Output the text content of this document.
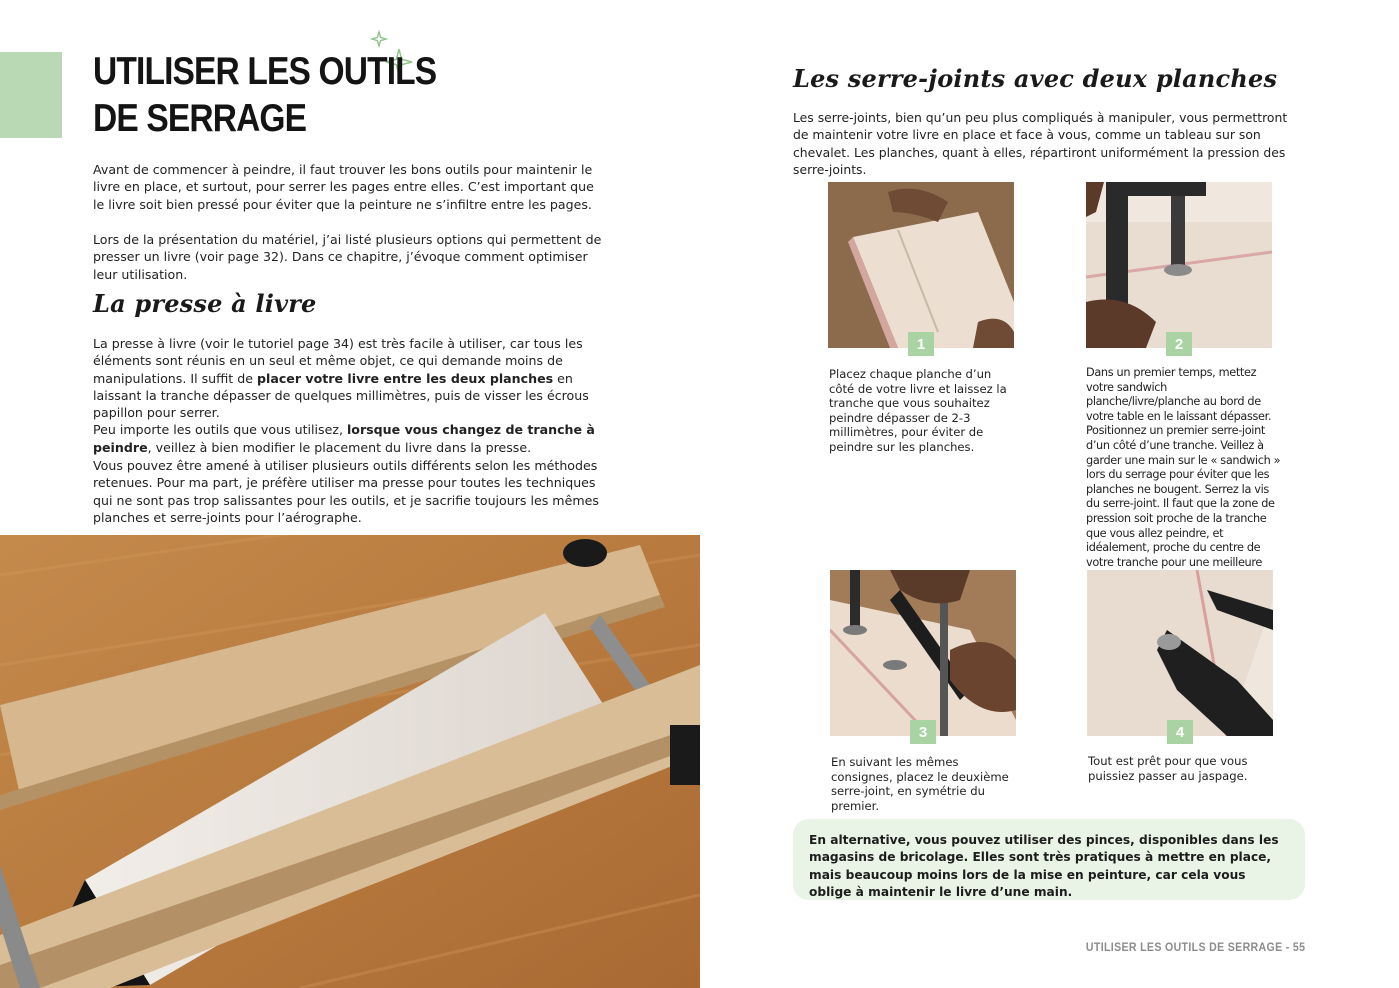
UTILISER LES OUTILS
DE SERRAGE

Avant de commencer à peindre, il faut trouver les bons outils pour maintenir le livre en place, et surtout, pour serrer les pages entre elles. C’est important que le livre soit bien pressé pour éviter que la peinture ne s’infiltre entre les pages.

Lors de la présentation du matériel, j’ai listé plusieurs options qui permettent de presser un livre (voir page 32). Dans ce chapitre, j’évoque comment optimiser leur utilisation.

La presse à livre

La presse à livre (voir le tutoriel page 34) est très facile à utiliser, car tous les éléments sont réunis en un seul et même objet, ce qui demande moins de manipulations. Il suffit de placer votre livre entre les deux planches en laissant la tranche dépasser de quelques millimètres, puis de visser les écrous papillon pour serrer.
Peu importe les outils que vous utilisez, lorsque vous changez de tranche à peindre, veillez à bien modifier le placement du livre dans la presse.

Vous pouvez être amené à utiliser plusieurs outils différents selon les méthodes retenues. Pour ma part, je préfère utiliser ma presse pour toutes les techniques qui ne sont pas trop salissantes pour les outils, et je sacrifie toujours les mêmes planches et serre-joints pour l’aérographe.

Les serre-joints avec deux planches

Les serre-joints, bien qu’un peu plus compliqués à manipuler, vous permettront de maintenir votre livre en place et face à vous, comme un tableau sur son chevalet. Les planches, quant à elles, répartiront uniformément la pression des serre-joints.

1

Placez chaque planche d’un côté de votre livre et laissez la tranche que vous souhaitez peindre dépasser de 2-3 millimètres, pour éviter de peindre sur les planches.

2

Dans un premier temps, mettez votre sandwich planche/livre/planche au bord de votre table en le laissant dépasser. Positionnez un premier serre-joint d’un côté d’une tranche. Veillez à garder une main sur le « sandwich » lors du serrage pour éviter que les planches ne bougent. Serrez la vis du serre-joint. Il faut que la zone de pression soit proche de la tranche que vous allez peindre, et idéalement, proche du centre de votre tranche pour une meilleure

3

En suivant les mêmes consignes, placez le deuxième serre-joint, en symétrie du premier.

4

Tout est prêt pour que vous puissiez passer au jaspage.

En alternative, vous pouvez utiliser des pinces, disponibles dans les magasins de bricolage. Elles sont très pratiques à mettre en place, mais beaucoup moins lors de la mise en peinture, car cela vous oblige à maintenir le livre d’une main.

UTILISER LES OUTILS DE SERRAGE - 55
